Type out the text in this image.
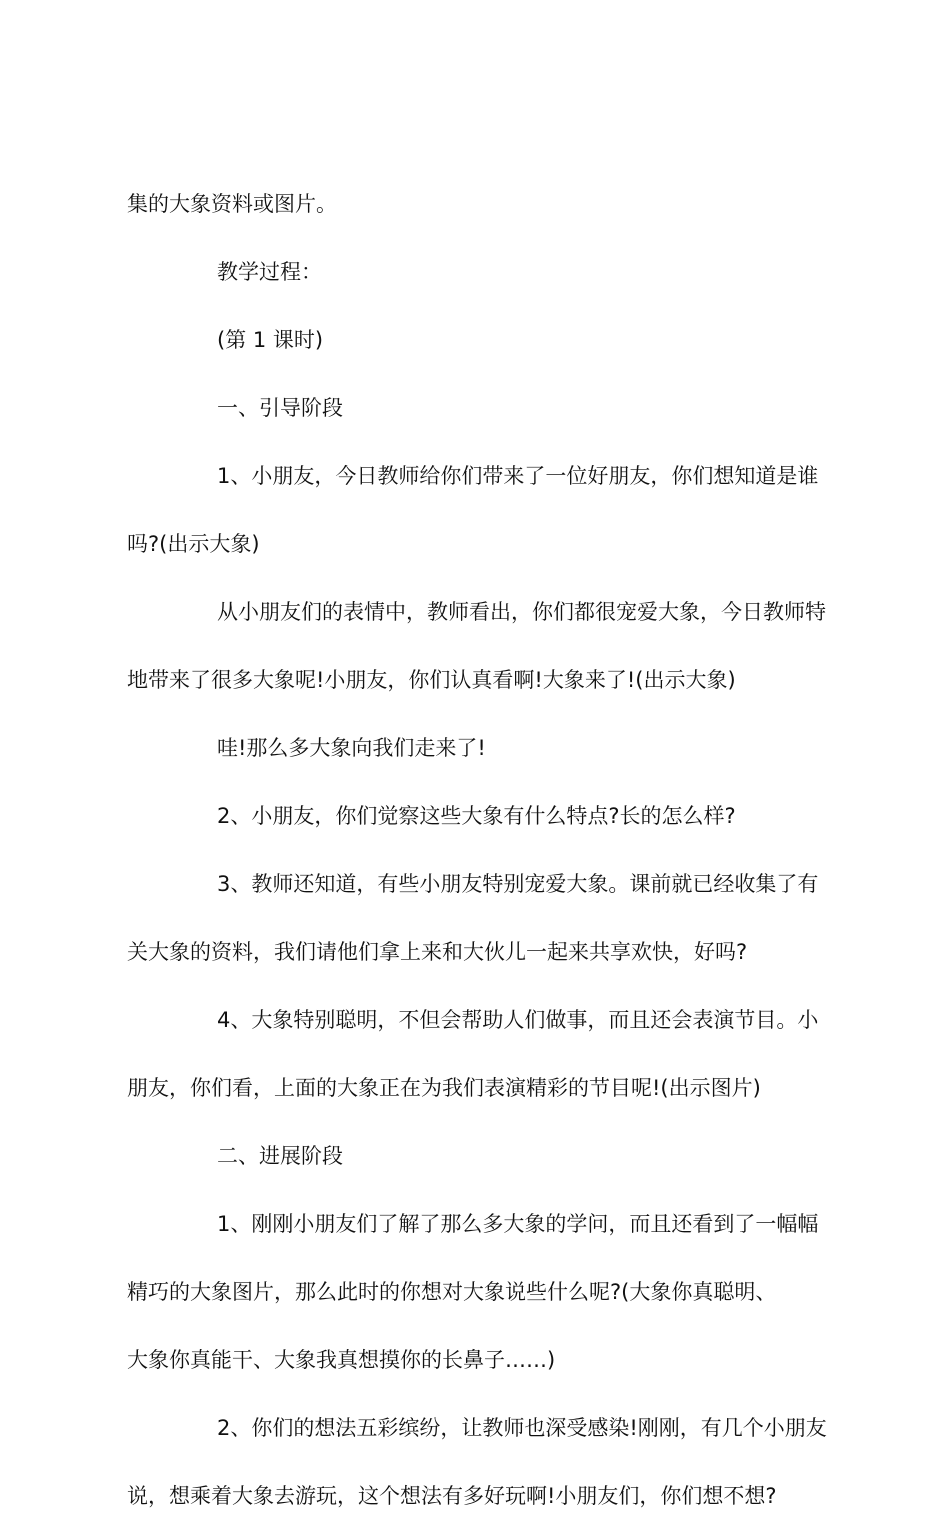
集的大象资料或图片。

教学过程：

(第 1 课时)

一、引导阶段

1、小朋友，今日教师给你们带来了一位好朋友，你们想知道是谁

吗?(出示大象)

从小朋友们的表情中，教师看出，你们都很宠爱大象，今日教师特

地带来了很多大象呢!小朋友，你们认真看啊!大象来了!(出示大象)

哇!那么多大象向我们走来了!

2、小朋友，你们觉察这些大象有什么特点?长的怎么样?

3、教师还知道，有些小朋友特别宠爱大象。课前就已经收集了有

关大象的资料，我们请他们拿上来和大伙儿一起来共享欢快，好吗?

4、大象特别聪明，不但会帮助人们做事，而且还会表演节目。小

朋友，你们看，上面的大象正在为我们表演精彩的节目呢!(出示图片)

二、进展阶段

1、刚刚小朋友们了解了那么多大象的学问，而且还看到了一幅幅

精巧的大象图片，那么此时的你想对大象说些什么呢?(大象你真聪明、

大象你真能干、大象我真想摸你的长鼻子……)

2、你们的想法五彩缤纷，让教师也深受感染!刚刚，有几个小朋友

说，想乘着大象去游玩，这个想法有多好玩啊!小朋友们，你们想不想?
